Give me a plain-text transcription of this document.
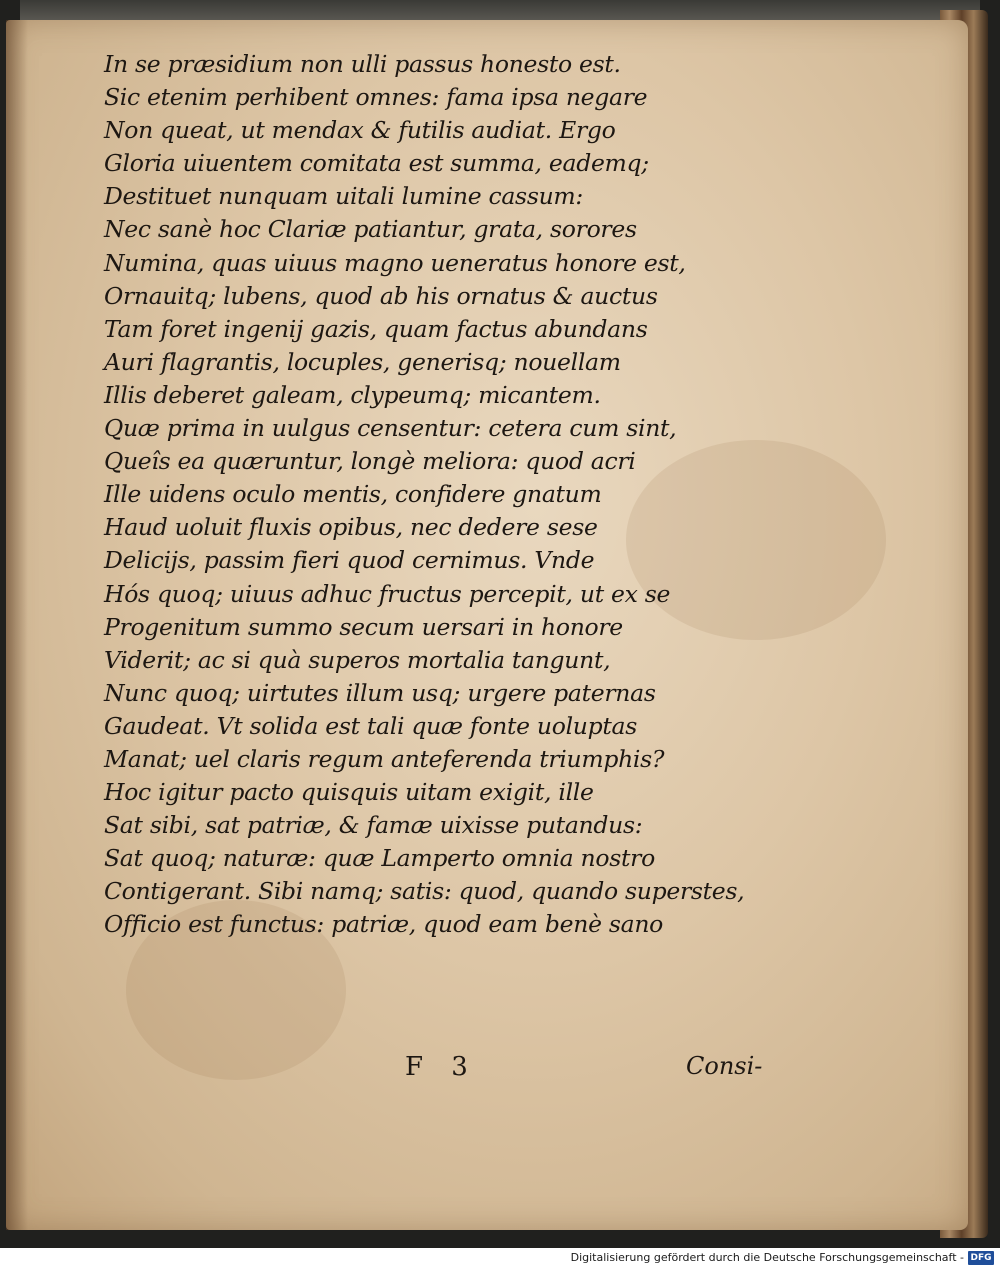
In se præsidium non ulli passus honesto est.
Sic etenim perhibent omnes: fama ipsa negare
Non queat, ut mendax & futilis audiat. Ergo
Gloria uiuentem comitata est summa, eademq;
Destituet nunquam uitali lumine cassum:
Nec sanè hoc Clariæ patiantur, grata, sorores
Numina, quas uiuus magno ueneratus honore est,
Ornauitq; lubens, quod ab his ornatus & auctus
Tam foret ingenij gazis, quam factus abundans
Auri flagrantis, locuples, generisq; nouellam
Illis deberet galeam, clypeumq; micantem.
Quæ prima in uulgus censentur: cetera cum sint,
Queîs ea quæruntur, longè meliora: quod acri
Ille uidens oculo mentis, confidere gnatum
Haud uoluit fluxis opibus, nec dedere sese
Delicijs, passim fieri quod cernimus. Vnde
Hós quoq; uiuus adhuc fructus percepit, ut ex se
Progenitum summo secum uersari in honore
Viderit; ac si quà superos mortalia tangunt,
Nunc quoq; uirtutes illum usq; urgere paternas
Gaudeat. Vt solida est tali quæ fonte uoluptas
Manat; uel claris regum anteferenda triumphis?
Hoc igitur pacto quisquis uitam exigit, ille
Sat sibi, sat patriæ, & famæ uixisse putandus:
Sat quoq; naturæ: quæ Lamperto omnia nostro
Contigerant. Sibi namq; satis: quod, quando superstes,
Officio est functus: patriæ, quod eam benè sano
F 3	Consi-
Digitalisierung gefördert durch die Deutsche Forschungsgemeinschaft - DFG
